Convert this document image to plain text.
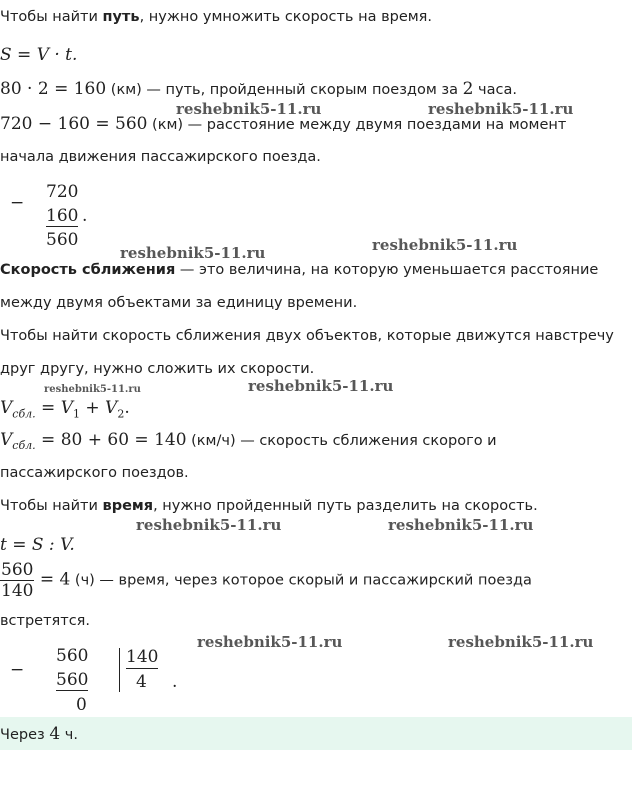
Чтобы найти путь, нужно умножить скорость на время.
S = V · t.
80 · 2 = 160 (км) — путь, пройденный скорым поездом за 2 часа.
reshebnik5-11.ru	reshebnik5-11.ru
720 − 160 = 560 (км) — расстояние между двумя поездами на момент
начала движения пассажирского поезда.
−
720
160 .
560
reshebnik5-11.ru	reshebnik5-11.ru
Скорость сближения — это величина, на которую уменьшается расстояние
между двумя объектами за единицу времени.
Чтобы найти скорость сближения двух объектов, которые движутся навстречу
друг другу, нужно сложить их скорости.
reshebnik5-11.ru	reshebnik5-11.ru
$V_{сбл.} = V_1 + V_2$.
$V_{сбл.} = 80 + 60 = 140$ (км/ч) — скорость сближения скорого и
пассажирского поездов.
Чтобы найти время, нужно пройденный путь разделить на скорость.
reshebnik5-11.ru	reshebnik5-11.ru
t = S : V.
$\frac{560}{140} = 4$ (ч) — время, через которое скорый и пассажирский поезда
встретятся.
reshebnik5-11.ru	reshebnik5-11.ru
−
560
560
0
140
4 .
Через 4 ч.
